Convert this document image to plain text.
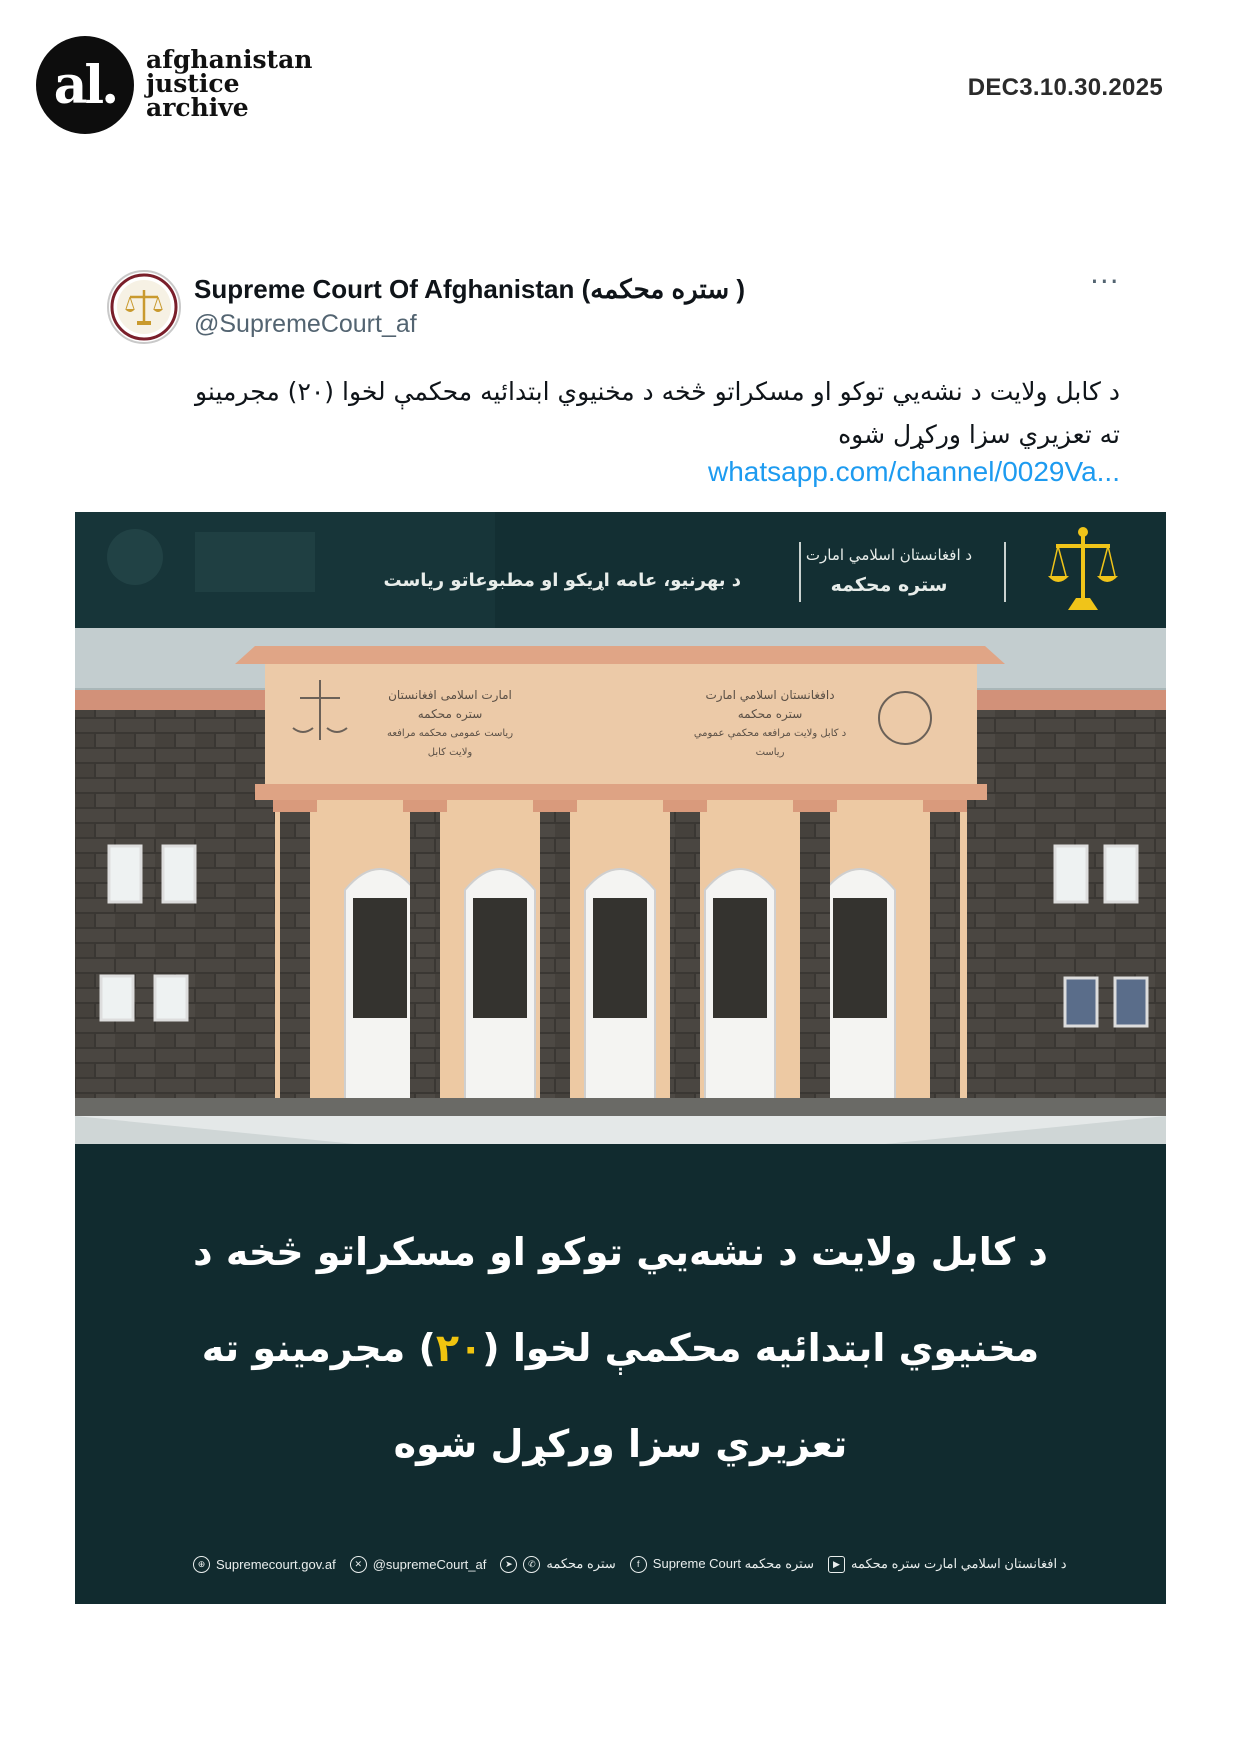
al.	afghanistan
justice
archive
DEC3.10.30.2025
Supreme Court Of Afghanistan (ستره محکمه )
@SupremeCourt_af
···
د کابل ولایت د نشه‌يي توکو او مسکراتو څخه د مخنيوي ابتدائيه محکمې لخوا (۲۰) مجرمينو ته تعزيري سزا ورکړل شوه
whatsapp.com/channel/0029Va...
د افغانستان اسلامي امارت
ستره محکمه
د بهرنيو، عامه اړيکو او مطبوعاتو رياست
امارت اسلامی افغانستان
ستره محکمه
ریاست عمومی محکمه مرافعه ولایت کابل
دافغانستان اسلامي امارت
ستره محکمه
د کابل ولايت مرافعه محکمې عمومي رياست
د کابل ولايت د نشه‌يي توکو او مسکراتو څخه د
مخنيوي ابتدائيه محکمې لخوا (۲۰) مجرمينو ته
تعزيري سزا ورکړل شوه
⊕ Supremecourt.gov.af	✕ @supremeCourt_af	➤	✆ ستره محکمه	f	Supreme Court ستره محکمه	▶ د افغانستان اسلامي امارت ستره محکمه
